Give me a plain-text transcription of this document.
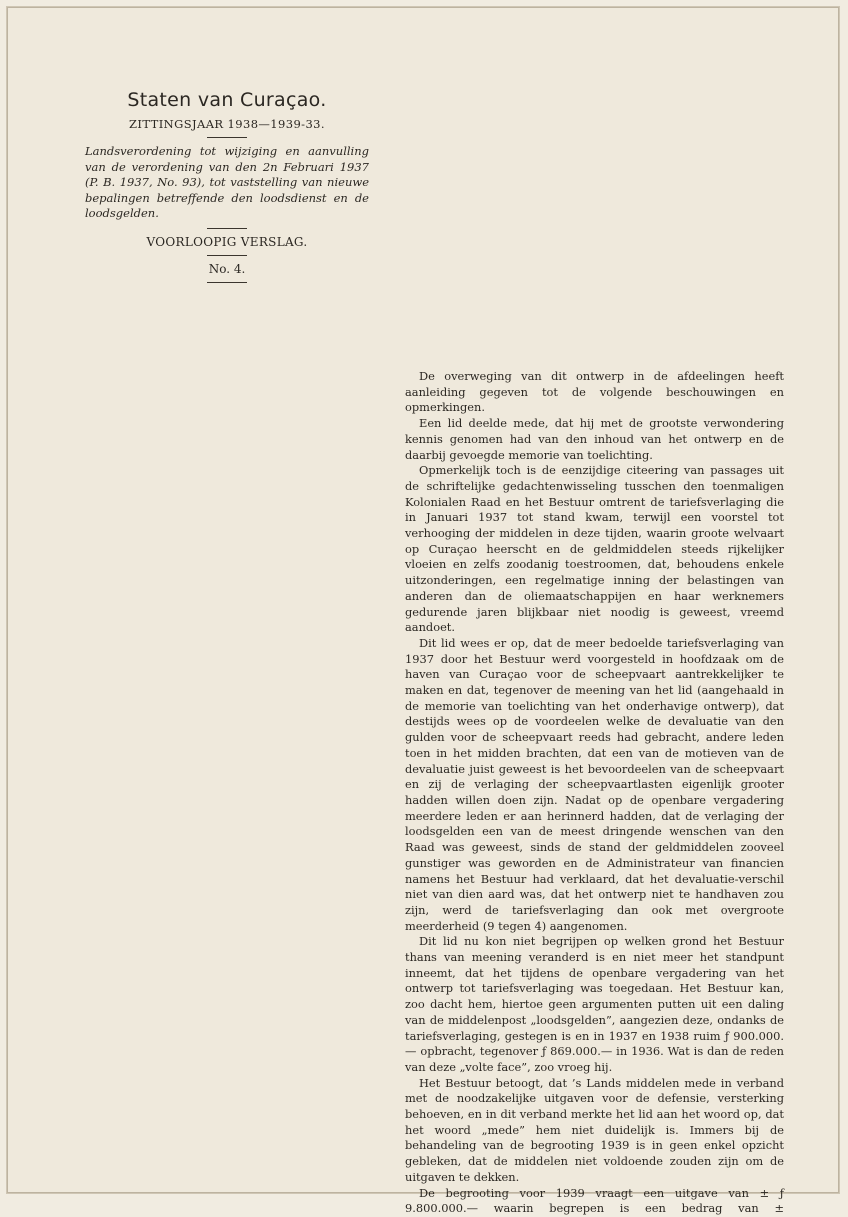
Staten van Curaçao.
ZITTINGSJAAR 1938—1939-33.
Landsverordening tot wijziging en aanvulling van de verordening van den 2n Februari 1937 (P. B. 1937, No. 93), tot vaststelling van nieuwe bepalingen betreffende den loodsdienst en de loodsgelden.
VOORLOOPIG VERSLAG.
No. 4.

De overweging van dit ontwerp in de afdeelingen heeft aanleiding gegeven tot de volgende beschouwingen en opmerkingen.

Een lid deelde mede, dat hij met de grootste verwondering kennis genomen had van den inhoud van het ontwerp en de daarbij gevoegde memorie van toelichting.

Opmerkelijk toch is de eenzijdige citeering van passages uit de schriftelijke gedachtenwisseling tusschen den toenmaligen Kolonialen Raad en het Bestuur omtrent de tariefsverlaging die in Januari 1937 tot stand kwam, terwijl een voorstel tot verhooging der middelen in deze tijden, waarin groote welvaart op Curaçao heerscht en de geldmiddelen steeds rijkelijker vloeien en zelfs zoodanig toestroomen, dat, behoudens enkele uitzonderingen, een regelmatige inning der belastingen van anderen dan de oliemaatschappijen en haar werknemers gedurende jaren blijkbaar niet noodig is geweest, vreemd aandoet.

Dit lid wees er op, dat de meer bedoelde tariefsverlaging van 1937 door het Bestuur werd voorgesteld in hoofdzaak om de haven van Curaçao voor de scheepvaart aantrekkelijker te maken en dat, tegenover de meening van het lid (aangehaald in de memorie van toelichting van het onderhavige ontwerp), dat destijds wees op de voordeelen welke de devaluatie van den gulden voor de scheepvaart reeds had gebracht, andere leden toen in het midden brachten, dat een van de motieven van de devaluatie juist geweest is het bevoordeelen van de scheepvaart en zij de verlaging der scheepvaartlasten eigenlijk grooter hadden willen doen zijn. Nadat op de openbare vergadering meerdere leden er aan herinnerd hadden, dat de verlaging der loodsgelden een van de meest dringende wenschen van den Raad was geweest, sinds de stand der geldmiddelen zooveel gunstiger was geworden en de Administrateur van financien namens het Bestuur had verklaard, dat het devaluatie-verschil niet van dien aard was, dat het ontwerp niet te handhaven zou zijn, werd de tariefsverlaging dan ook met overgroote meerderheid (9 tegen 4) aangenomen.

Dit lid nu kon niet begrijpen op welken grond het Bestuur thans van meening veranderd is en niet meer het standpunt inneemt, dat het tijdens de openbare vergadering van het ontwerp tot tariefsverlaging was toegedaan. Het Bestuur kan, zoo dacht hem, hiertoe geen argumenten putten uit een daling van de middelenpost „loodsgelden”, aangezien deze, ondanks de tariefsverlaging, gestegen is en in 1937 en 1938 ruim ƒ 900.000.— opbracht, tegenover ƒ 869.000.— in 1936. Wat is dan de reden van deze „volte face”, zoo vroeg hij.

Het Bestuur betoogt, dat ’s Lands middelen mede in verband met de noodzakelijke uitgaven voor de defensie, versterking behoeven, en in dit verband merkte het lid aan het woord op, dat het woord „mede” hem niet duidelijk is. Immers bij de behandeling van de begrooting 1939 is in geen enkel opzicht gebleken, dat de middelen niet voldoende zouden zijn om de uitgaven te dekken.

De begrooting voor 1939 vraagt een uitgave van ± ƒ 9.800.000.— waarin begrepen is een bedrag van ±
